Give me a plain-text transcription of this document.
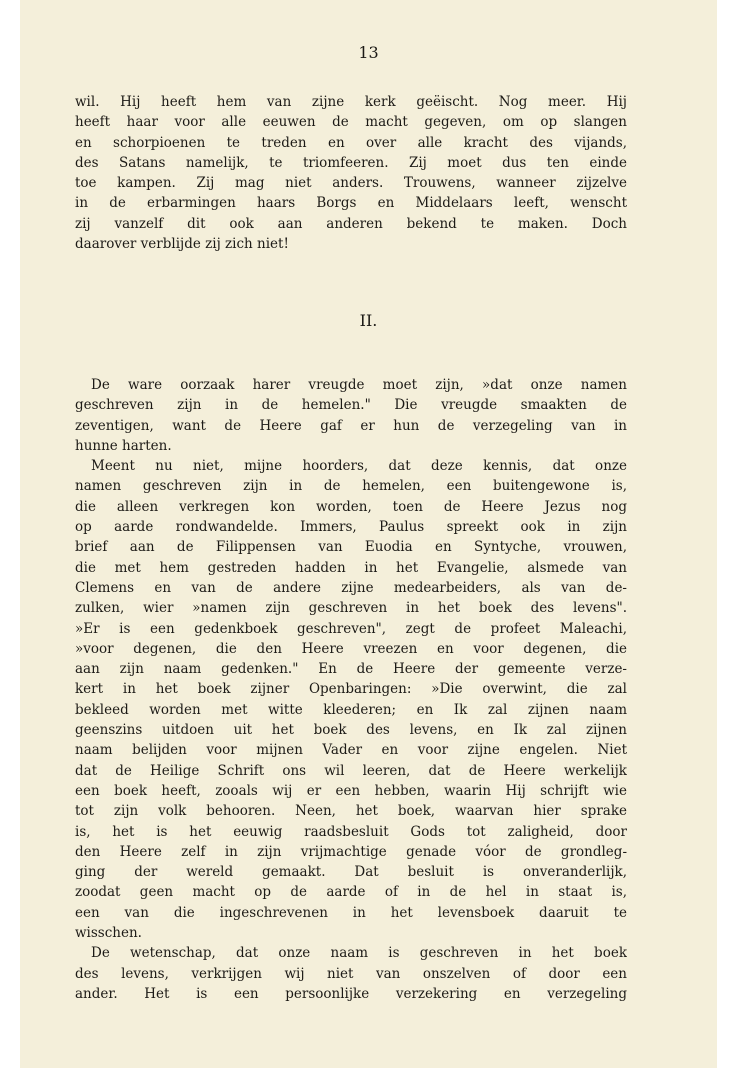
13
wil. Hij heeft hem van zijne kerk geëischt. Nog meer. Hij
heeft haar voor alle eeuwen de macht gegeven, om op slangen
en schorpioenen te treden en over alle kracht des vijands,
des Satans namelijk, te triomfeeren. Zij moet dus ten einde
toe kampen. Zij mag niet anders. Trouwens, wanneer zijzelve
in de erbarmingen haars Borgs en Middelaars leeft, wenscht
zij vanzelf dit ook aan anderen bekend te maken. Doch
daarover verblijde zij zich niet!
II.
De ware oorzaak harer vreugde moet zijn, »dat onze namen
geschreven zijn in de hemelen." Die vreugde smaakten de
zeventigen, want de Heere gaf er hun de verzegeling van in
hunne harten.
Meent nu niet, mijne hoorders, dat deze kennis, dat onze
namen geschreven zijn in de hemelen, een buitengewone is,
die alleen verkregen kon worden, toen de Heere Jezus nog
op aarde rondwandelde. Immers, Paulus spreekt ook in zijn
brief aan de Filippensen van Euodia en Syntyche, vrouwen,
die met hem gestreden hadden in het Evangelie, alsmede van
Clemens en van de andere zijne medearbeiders, als van de-
zulken, wier »namen zijn geschreven in het boek des levens".
»Er is een gedenkboek geschreven", zegt de profeet Maleachi,
»voor degenen, die den Heere vreezen en voor degenen, die
aan zijn naam gedenken." En de Heere der gemeente verze-
kert in het boek zijner Openbaringen: »Die overwint, die zal
bekleed worden met witte kleederen; en Ik zal zijnen naam
geenszins uitdoen uit het boek des levens, en Ik zal zijnen
naam belijden voor mijnen Vader en voor zijne engelen. Niet
dat de Heilige Schrift ons wil leeren, dat de Heere werkelijk
een boek heeft, zooals wij er een hebben, waarin Hij schrijft wie
tot zijn volk behooren. Neen, het boek, waarvan hier sprake
is, het is het eeuwig raadsbesluit Gods tot zaligheid, door
den Heere zelf in zijn vrijmachtige genade vóor de grondleg-
ging der wereld gemaakt. Dat besluit is onveranderlijk,
zoodat geen macht op de aarde of in de hel in staat is,
een van die ingeschrevenen in het levensboek daaruit te
wisschen.
De wetenschap, dat onze naam is geschreven in het boek
des levens, verkrijgen wij niet van onszelven of door een
ander. Het is een persoonlijke verzekering en verzegeling
